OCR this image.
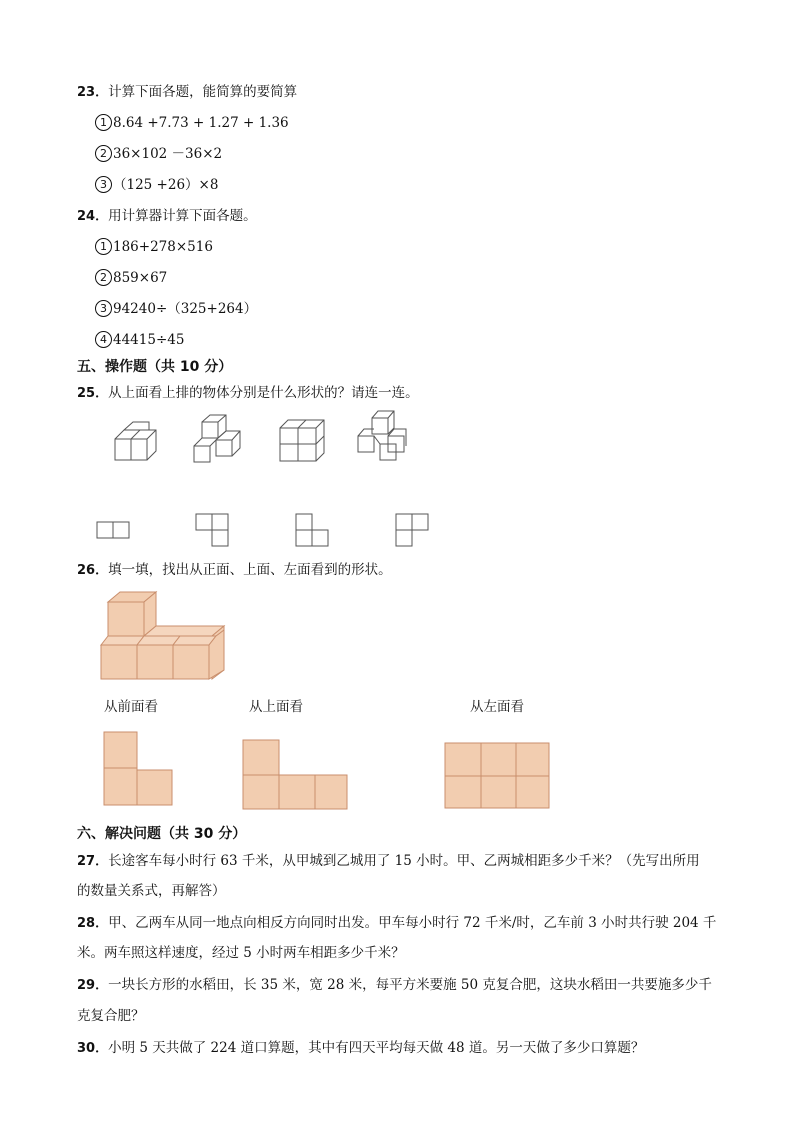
23．计算下面各题，能简算的要简算
1 8.64 +7.73 + 1.27 + 1.36
2 36×102 －36×2
3 （125 +26）×8
24．用计算器计算下面各题。
1 186+278×516
2 859×67
3 94240÷（325+264）
4 44415÷45
五、操作题（共 10 分）
25．从上面看上排的物体分别是什么形状的？请连一连。
26．填一填，找出从正面、上面、左面看到的形状。
从前面看	从上面看	从左面看
六、解决问题（共 30 分）
27．长途客车每小时行 63 千米，从甲城到乙城用了 15 小时。甲、乙两城相距多少千米？（先写出所用
的数量关系式，再解答）
28．甲、乙两车从同一地点向相反方向同时出发。甲车每小时行 72 千米/时，乙车前 3 小时共行驶 204 千
米。两车照这样速度，经过 5 小时两车相距多少千米？
29．一块长方形的水稻田，长 35 米，宽 28 米，每平方米要施 50 克复合肥，这块水稻田一共要施多少千
克复合肥？
30．小明 5 天共做了 224 道口算题，其中有四天平均每天做 48 道。另一天做了多少口算题？
